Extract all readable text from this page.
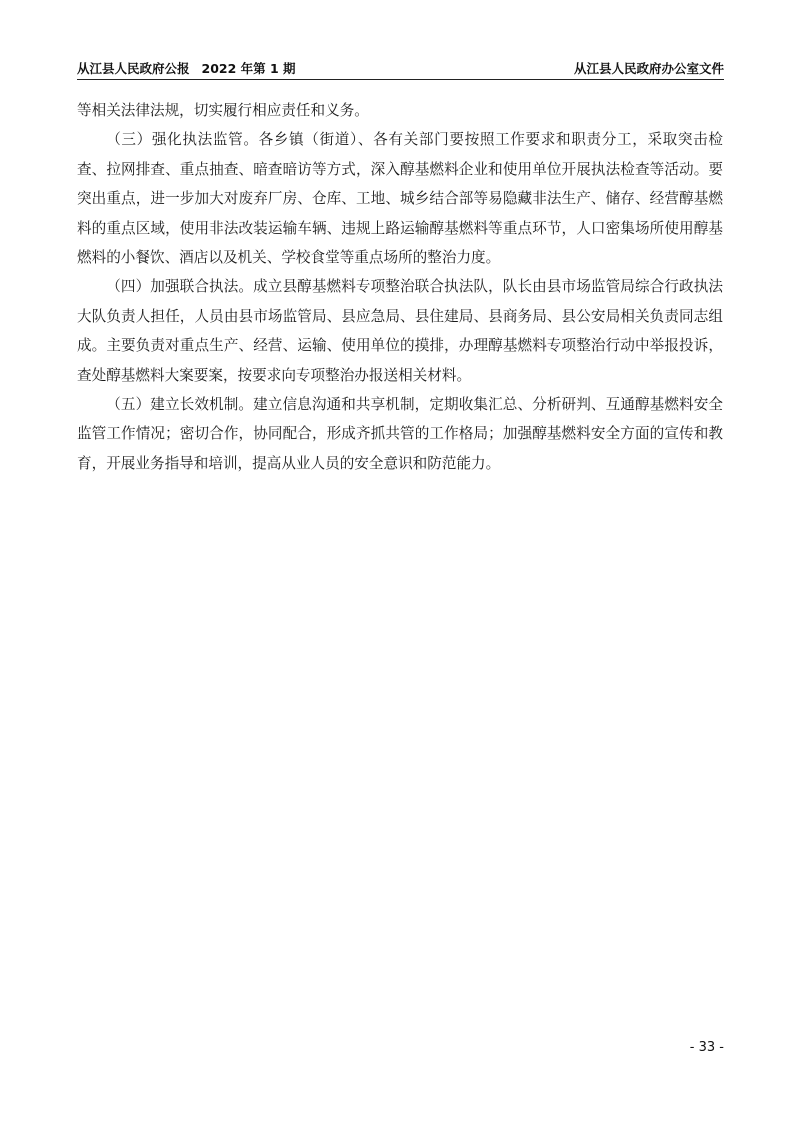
从江县人民政府公报 2022 年第 1 期	从江县人民政府办公室文件

等相关法律法规，切实履行相应责任和义务。

（三）强化执法监管。各乡镇（街道）、各有关部门要按照工作要求和职责分工，采取突击检查、拉网排查、重点抽查、暗查暗访等方式，深入醇基燃料企业和使用单位开展执法检查等活动。要突出重点，进一步加大对废弃厂房、仓库、工地、城乡结合部等易隐藏非法生产、储存、经营醇基燃料的重点区域，使用非法改装运输车辆、违规上路运输醇基燃料等重点环节，人口密集场所使用醇基燃料的小餐饮、酒店以及机关、学校食堂等重点场所的整治力度。

（四）加强联合执法。成立县醇基燃料专项整治联合执法队，队长由县市场监管局综合行政执法大队负责人担任，人员由县市场监管局、县应急局、县住建局、县商务局、县公安局相关负责同志组成。主要负责对重点生产、经营、运输、使用单位的摸排，办理醇基燃料专项整治行动中举报投诉，查处醇基燃料大案要案，按要求向专项整治办报送相关材料。

（五）建立长效机制。建立信息沟通和共享机制，定期收集汇总、分析研判、互通醇基燃料安全监管工作情况；密切合作，协同配合，形成齐抓共管的工作格局；加强醇基燃料安全方面的宣传和教育，开展业务指导和培训，提高从业人员的安全意识和防范能力。

- 33 -
